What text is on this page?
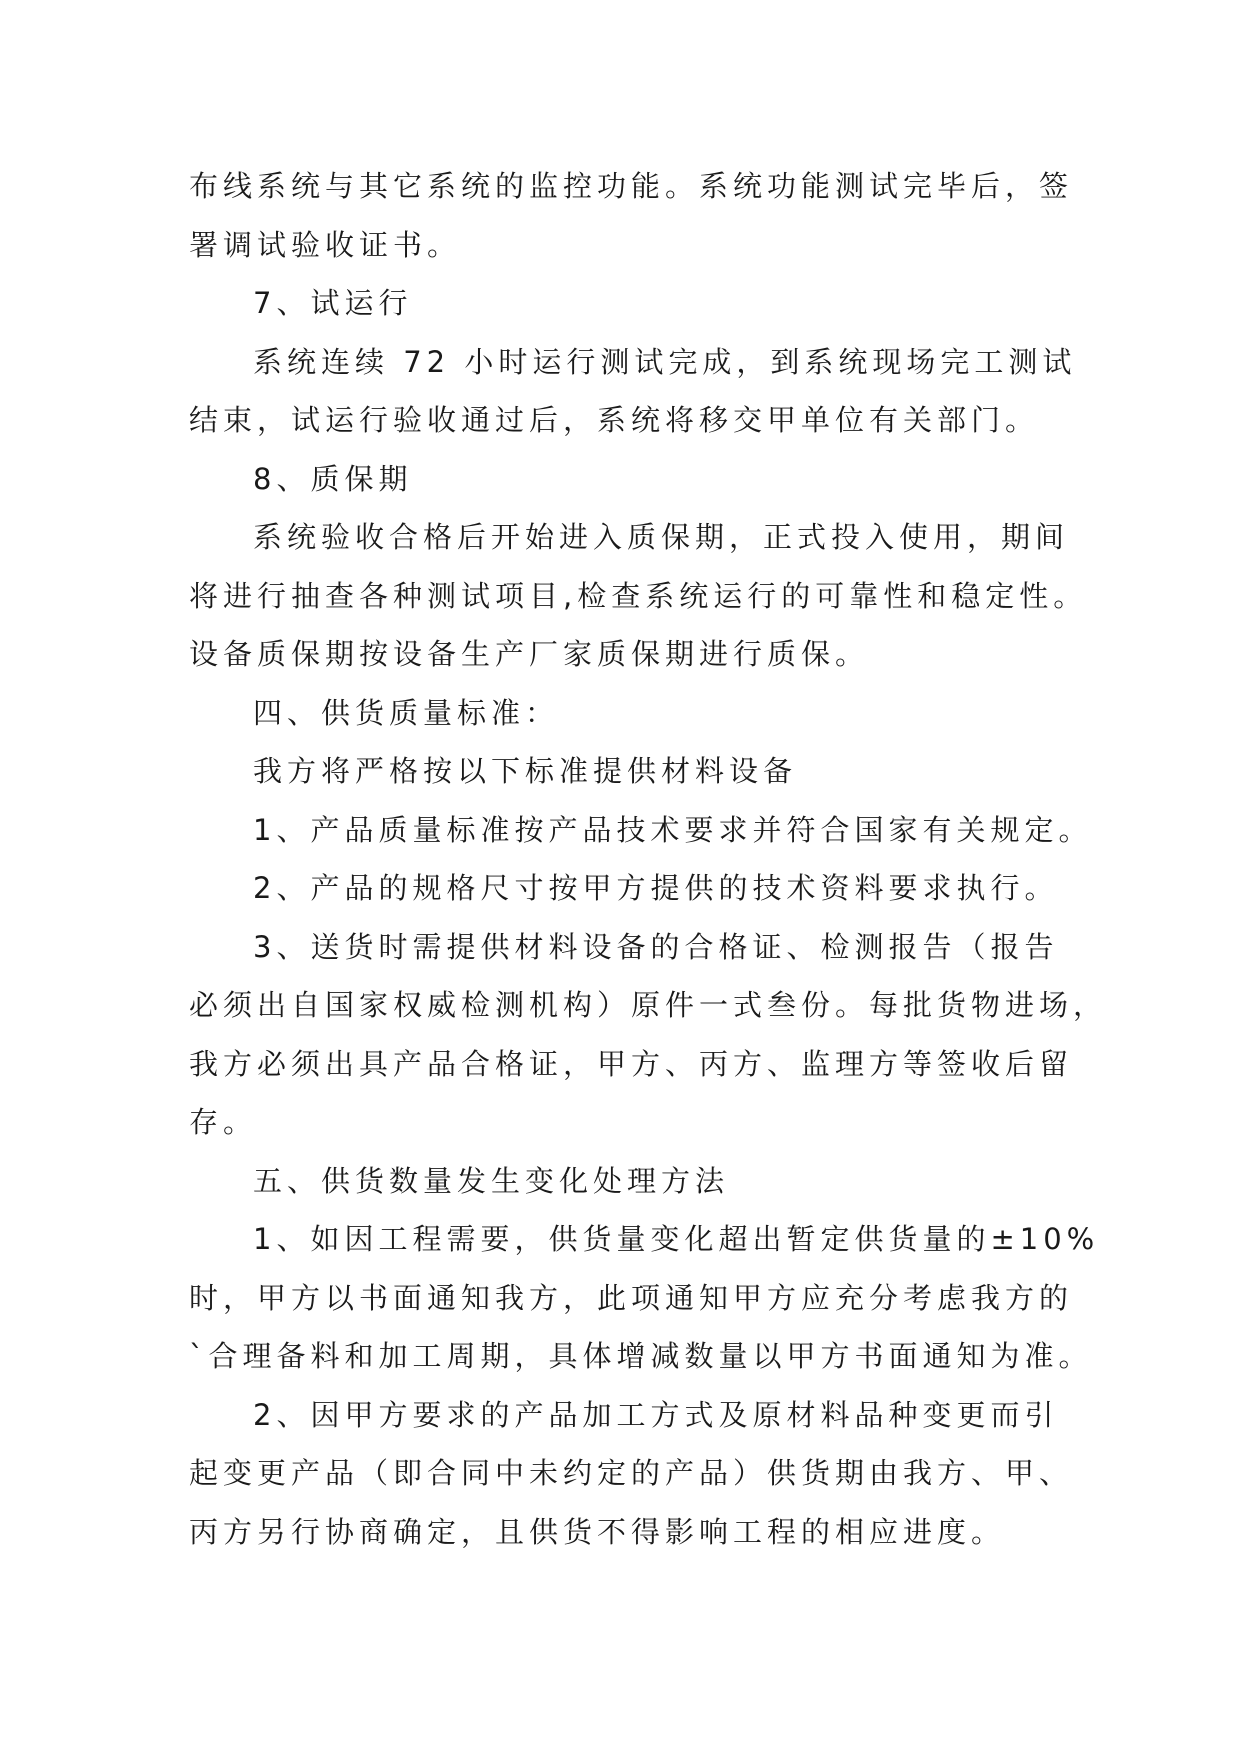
布线系统与其它系统的监控功能。系统功能测试完毕后，签
署调试验收证书。
7、试运行
系统连续 72 小时运行测试完成，到系统现场完工测试
结束，试运行验收通过后，系统将移交甲单位有关部门。
8、质保期
系统验收合格后开始进入质保期，正式投入使用，期间
将进行抽查各种测试项目,检查系统运行的可靠性和稳定性。
设备质保期按设备生产厂家质保期进行质保。
四、供货质量标准：
我方将严格按以下标准提供材料设备
1、产品质量标准按产品技术要求并符合国家有关规定。
2、产品的规格尺寸按甲方提供的技术资料要求执行。
3、送货时需提供材料设备的合格证、检测报告（报告
必须出自国家权威检测机构）原件一式叁份。每批货物进场，
我方必须出具产品合格证，甲方、丙方、监理方等签收后留
存。
五、供货数量发生变化处理方法
1、如因工程需要，供货量变化超出暂定供货量的±10%
时，甲方以书面通知我方，此项通知甲方应充分考虑我方的
`合理备料和加工周期，具体增减数量以甲方书面通知为准。
2、因甲方要求的产品加工方式及原材料品种变更而引
起变更产品（即合同中未约定的产品）供货期由我方、甲、
丙方另行协商确定，且供货不得影响工程的相应进度。
